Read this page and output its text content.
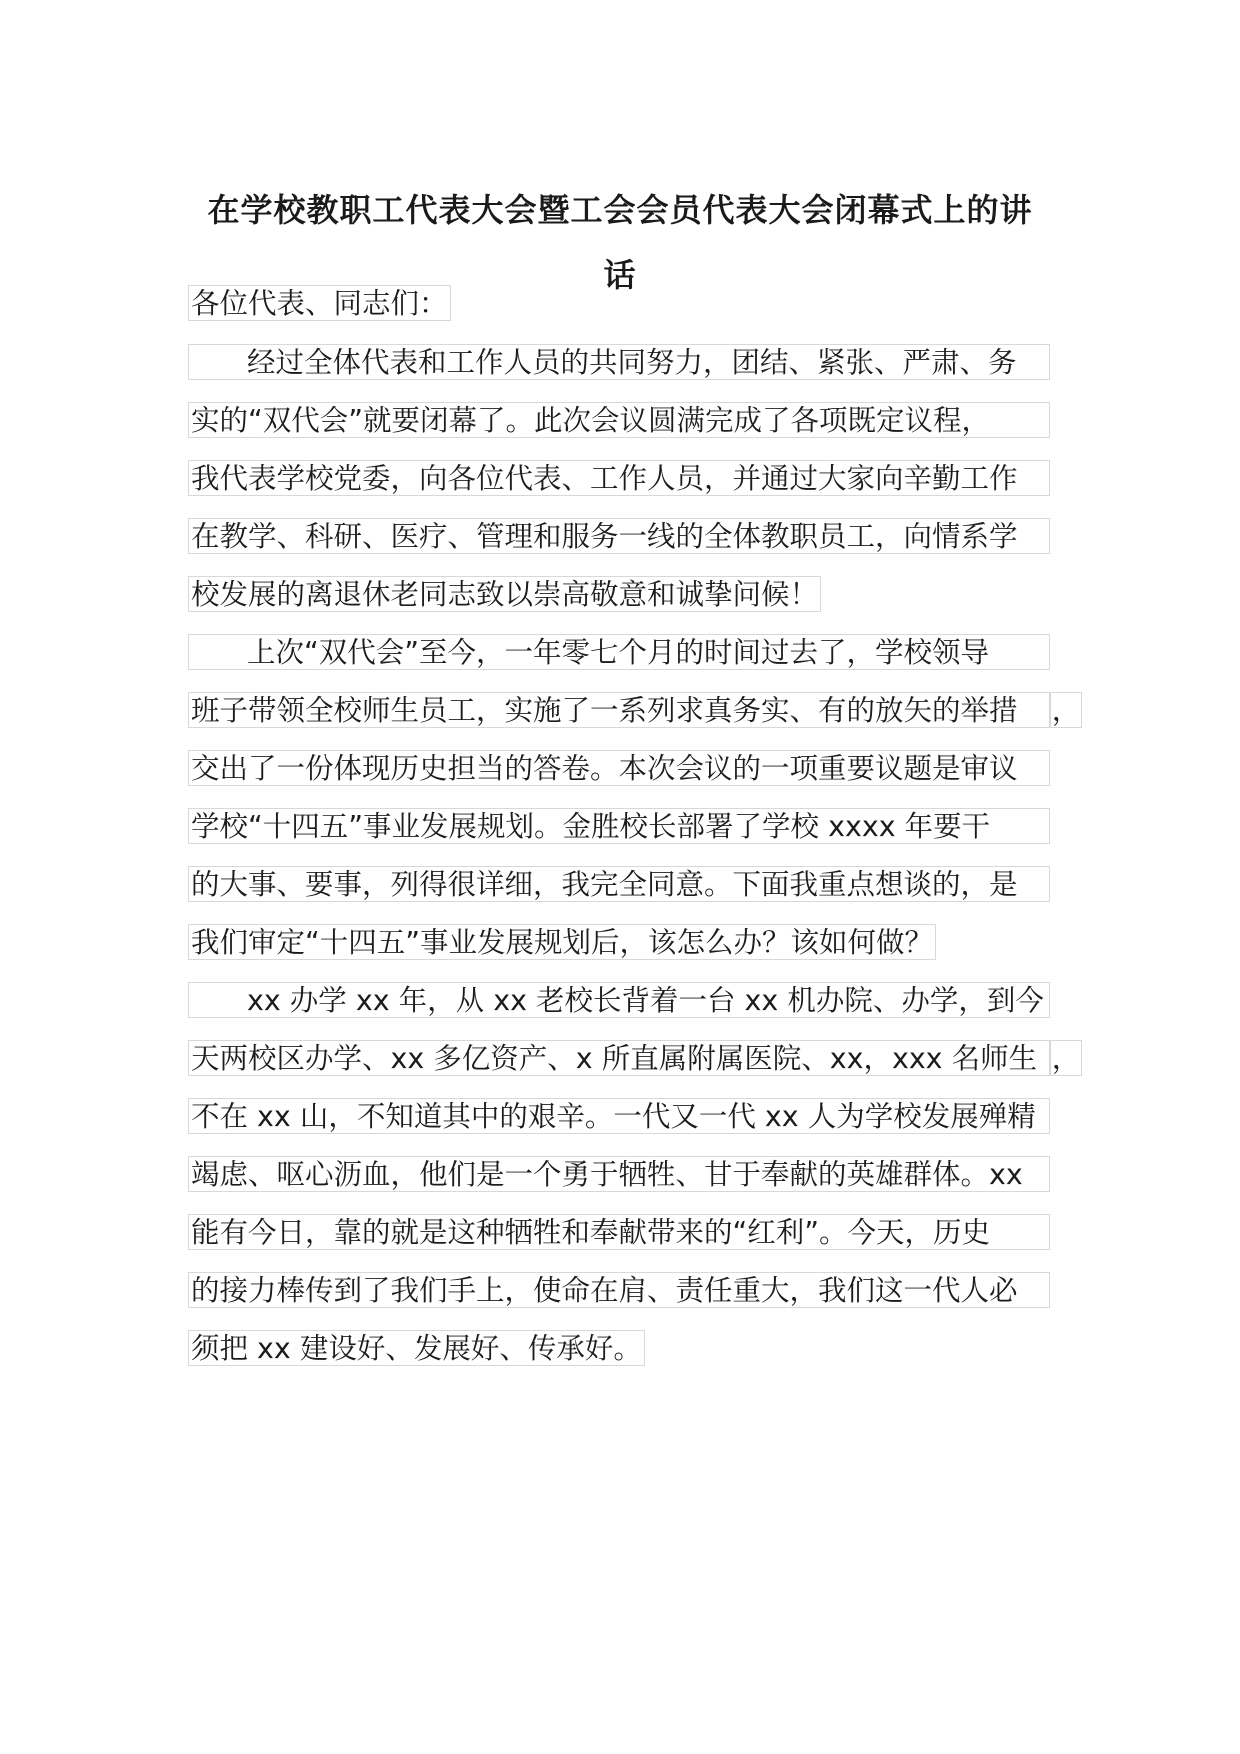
在学校教职工代表大会暨工会会员代表大会闭幕式上的讲
话
各位代表、同志们：
经过全体代表和工作人员的共同努力，团结、紧张、严肃、务
实的“双代会”就要闭幕了。此次会议圆满完成了各项既定议程，
我代表学校党委，向各位代表、工作人员，并通过大家向辛勤工作
在教学、科研、医疗、管理和服务一线的全体教职员工，向情系学
校发展的离退休老同志致以崇高敬意和诚挚问候！
上次“双代会”至今，一年零七个月的时间过去了，学校领导
班子带领全校师生员工，实施了一系列求真务实、有的放矢的举措	，
交出了一份体现历史担当的答卷。本次会议的一项重要议题是审议
学校“十四五”事业发展规划。金胜校长部署了学校 xxxx 年要干
的大事、要事，列得很详细，我完全同意。下面我重点想谈的，是
我们审定“十四五”事业发展规划后，该怎么办？该如何做？
xx 办学 xx 年，从 xx 老校长背着一台 xx 机办院、办学，到今
天两校区办学、xx 多亿资产、x 所直属附属医院、xx，xxx 名师生 ，
不在 xx 山，不知道其中的艰辛。一代又一代 xx 人为学校发展殚精
竭虑、呕心沥血，他们是一个勇于牺牲、甘于奉献的英雄群体。xx
能有今日，靠的就是这种牺牲和奉献带来的“红利”。今天，历史
的接力棒传到了我们手上，使命在肩、责任重大，我们这一代人必
须把 xx 建设好、发展好、传承好。
